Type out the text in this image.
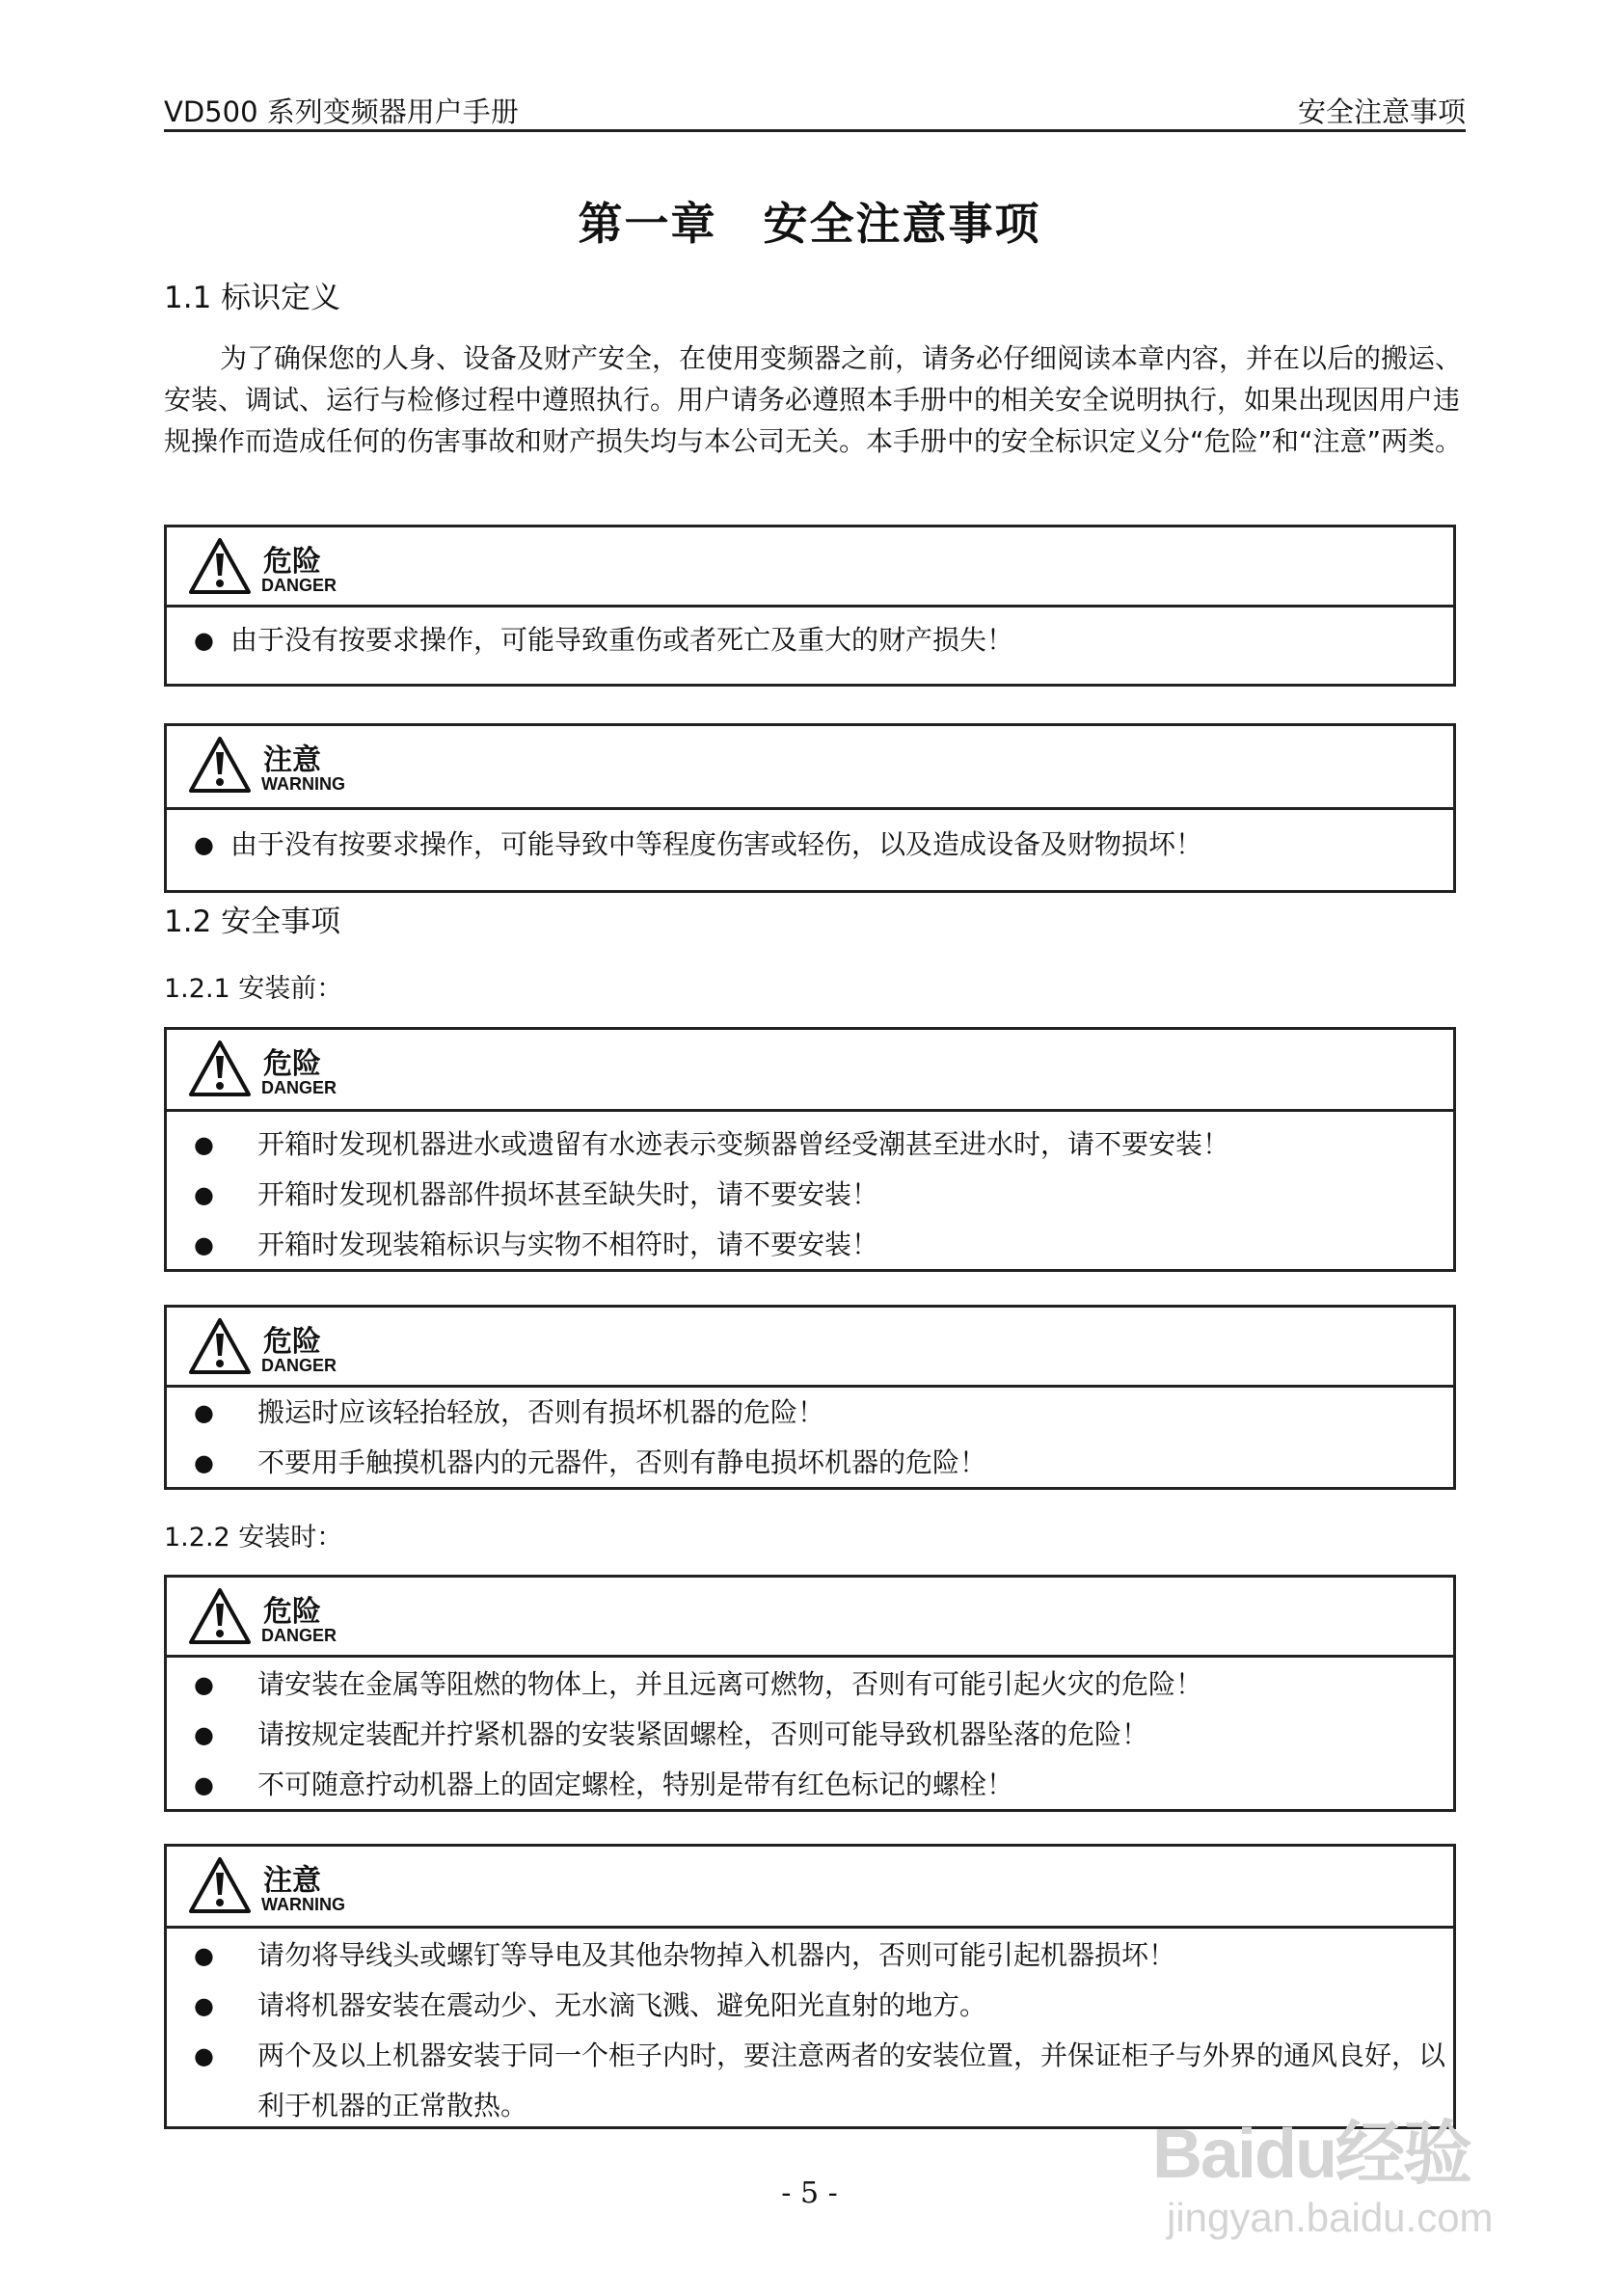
VD500 系列变频器用户手册	安全注意事项
第一章　安全注意事项
1.1 标识定义

为了确保您的人身、设备及财产安全，在使用变频器之前，请务必仔细阅读本章内容，并在以后的搬运、安装、调试、运行与检修过程中遵照执行。用户请务必遵照本手册中的相关安全说明执行，如果出现因用户违规操作而造成任何的伤害事故和财产损失均与本公司无关。本手册中的安全标识定义分“危险”和“注意”两类。

危险
DANGER
● 由于没有按要求操作，可能导致重伤或者死亡及重大的财产损失！
注意
WARNING
● 由于没有按要求操作，可能导致中等程度伤害或轻伤，以及造成设备及财物损坏！
1.2 安全事项
1.2.1 安装前：
危险
DANGER
● 开箱时发现机器进水或遗留有水迹表示变频器曾经受潮甚至进水时，请不要安装！
● 开箱时发现机器部件损坏甚至缺失时，请不要安装！
● 开箱时发现装箱标识与实物不相符时，请不要安装！
危险
DANGER
● 搬运时应该轻抬轻放，否则有损坏机器的危险！
● 不要用手触摸机器内的元器件，否则有静电损坏机器的危险！
1.2.2 安装时：
危险
DANGER
● 请安装在金属等阻燃的物体上，并且远离可燃物，否则有可能引起火灾的危险！
● 请按规定装配并拧紧机器的安装紧固螺栓，否则可能导致机器坠落的危险！
● 不可随意拧动机器上的固定螺栓，特别是带有红色标记的螺栓！
注意
WARNING
● 请勿将导线头或螺钉等导电及其他杂物掉入机器内，否则可能引起机器损坏！
● 请将机器安装在震动少、无水滴飞溅、避免阳光直射的地方。
● 两个及以上机器安装于同一个柜子内时，要注意两者的安装位置，并保证柜子与外界的通风良好，以利于机器的正常散热。
Baidu经验
jingyan.baidu.com
- 5 -
